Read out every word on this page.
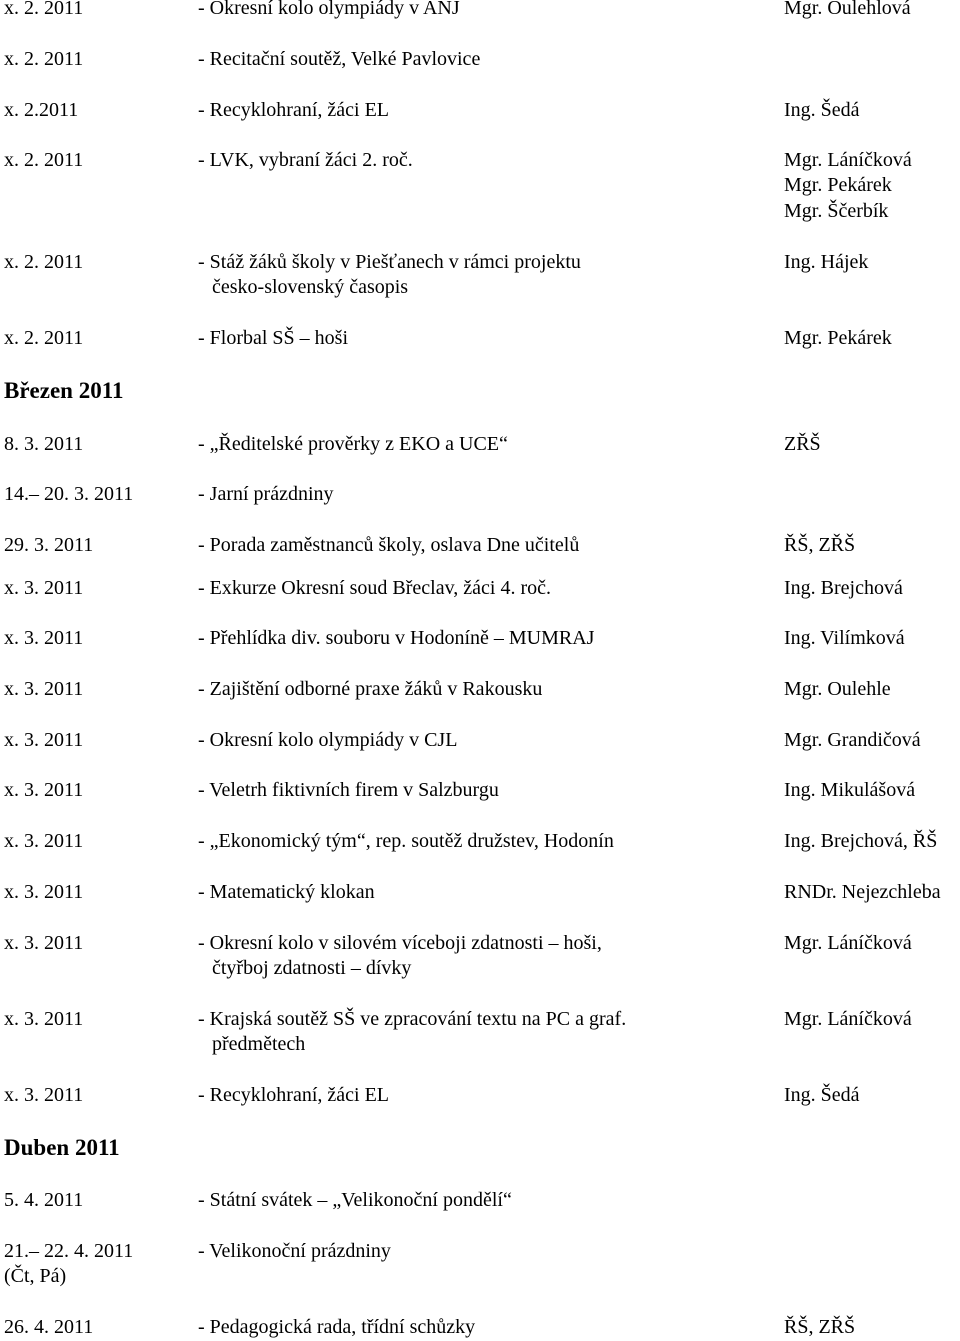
x. 2. 2011	- Okresní kolo olympiády v ANJ	Mgr. Oulehlová
x. 2. 2011	- Recitační soutěž, Velké Pavlovice
x. 2.2011	- Recyklohraní, žáci EL	Ing. Šedá
x. 2. 2011	- LVK, vybraní žáci 2. roč.	Mgr. Láníčková
Mgr. Pekárek
Mgr. Ščerbík
x. 2. 2011	- Stáž žáků školy v Piešťanech v rámci projektu	Ing. Hájek
česko-slovenský časopis
x. 2. 2011	- Florbal SŠ – hoši	Mgr. Pekárek
Březen 2011
8. 3. 2011	- „Ředitelské prověrky z EKO a UCE“	ZŘŠ
14.– 20. 3. 2011	- Jarní prázdniny
29. 3. 2011	- Porada zaměstnanců školy, oslava Dne učitelů	ŘŠ, ZŘŠ
x. 3. 2011	- Exkurze Okresní soud Břeclav, žáci 4. roč.	Ing. Brejchová
x. 3. 2011	- Přehlídka div. souboru v Hodoníně – MUMRAJ	Ing. Vilímková
x. 3. 2011	- Zajištění odborné praxe žáků v Rakousku	Mgr. Oulehle
x. 3. 2011	- Okresní kolo olympiády v CJL	Mgr. Grandičová
x. 3. 2011	- Veletrh fiktivních firem v Salzburgu	Ing. Mikulášová
x. 3. 2011	- „Ekonomický tým“, rep. soutěž družstev, Hodonín	Ing. Brejchová, ŘŠ
x. 3. 2011	- Matematický klokan	RNDr. Nejezchleba
x. 3. 2011	- Okresní kolo v silovém víceboji zdatnosti – hoši,	Mgr. Láníčková
čtyřboj zdatnosti – dívky
x. 3. 2011	- Krajská soutěž SŠ ve zpracování textu na PC a graf.	Mgr. Láníčková
předmětech
x. 3. 2011	- Recyklohraní, žáci EL	Ing. Šedá
Duben 2011
5. 4. 2011	- Státní svátek – „Velikonoční pondělí“
21.– 22. 4. 2011	- Velikonoční prázdniny
(Čt, Pá)
26. 4. 2011	- Pedagogická rada, třídní schůzky	ŘŠ, ZŘŠ
